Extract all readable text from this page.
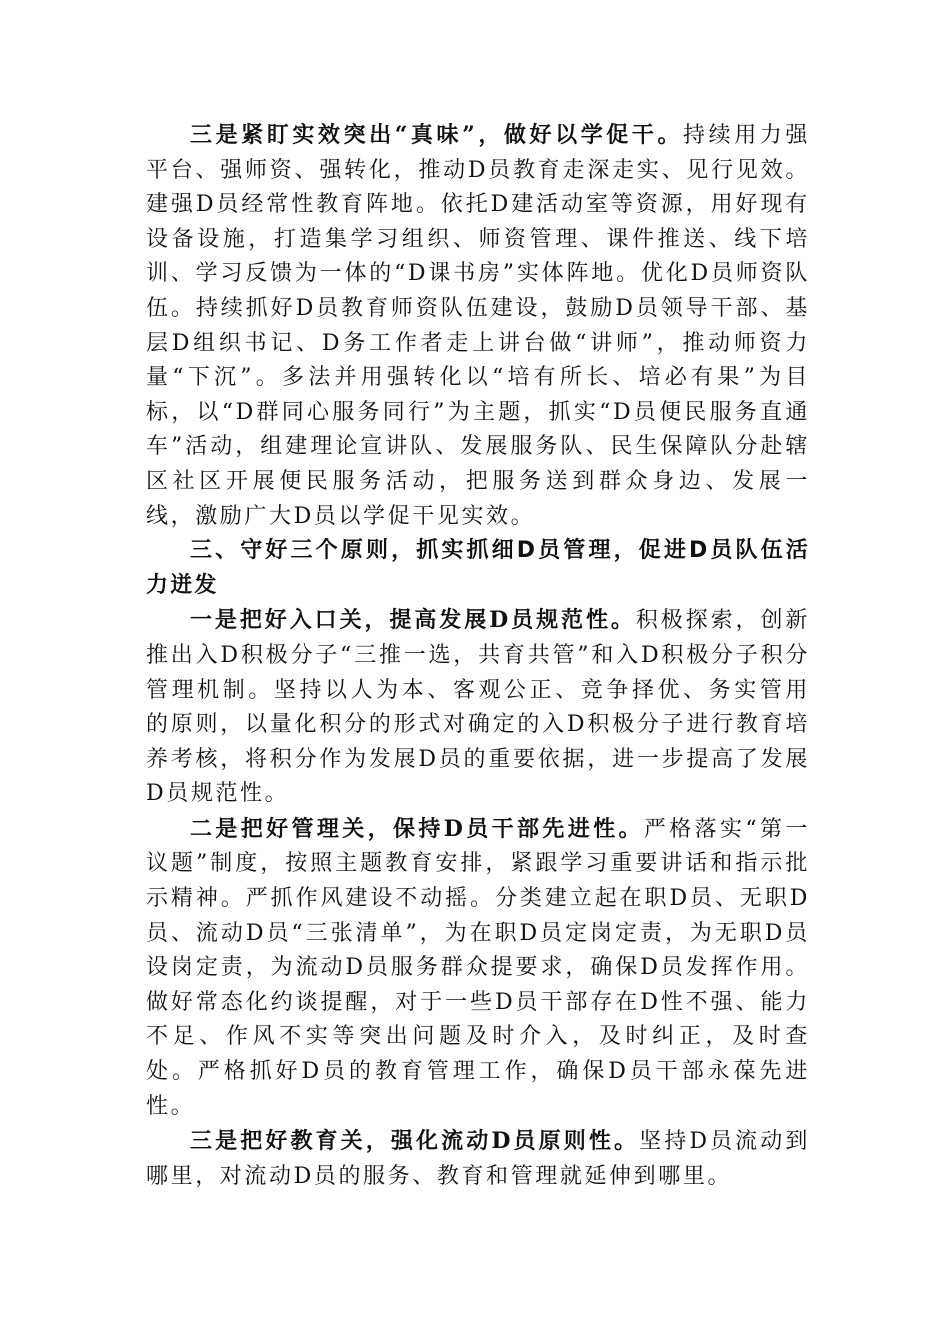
三是紧盯实效突出“真味”，做好以学促干。持续用力强平台、强师资、强转化，推动D员教育走深走实、见行见效。建强D员经常性教育阵地。依托D建活动室等资源，用好现有设备设施，打造集学习组织、师资管理、课件推送、线下培训、学习反馈为一体的“D课书房”实体阵地。优化D员师资队伍。持续抓好D员教育师资队伍建设，鼓励D员领导干部、基层D组织书记、D务工作者走上讲台做“讲师”，推动师资力量“下沉”。多法并用强转化以“培有所长、培必有果”为目标，以“D群同心服务同行”为主题，抓实“D员便民服务直通车”活动，组建理论宣讲队、发展服务队、民生保障队分赴辖区社区开展便民服务活动，把服务送到群众身边、发展一线，激励广大D员以学促干见实效。

三、守好三个原则，抓实抓细D员管理，促进D员队伍活力迸发

一是把好入口关，提高发展D员规范性。积极探索，创新推出入D积极分子“三推一选，共育共管”和入D积极分子积分管理机制。坚持以人为本、客观公正、竞争择优、务实管用的原则，以量化积分的形式对确定的入D积极分子进行教育培养考核，将积分作为发展D员的重要依据，进一步提高了发展D员规范性。

二是把好管理关，保持D员干部先进性。严格落实“第一议题”制度，按照主题教育安排，紧跟学习重要讲话和指示批示精神。严抓作风建设不动摇。分类建立起在职D员、无职D员、流动D员“三张清单”，为在职D员定岗定责，为无职D员设岗定责，为流动D员服务群众提要求，确保D员发挥作用。做好常态化约谈提醒，对于一些D员干部存在D性不强、能力不足、作风不实等突出问题及时介入，及时纠正，及时查处。严格抓好D员的教育管理工作，确保D员干部永葆先进性。

三是把好教育关，强化流动D员原则性。坚持D员流动到哪里，对流动D员的服务、教育和管理就延伸到哪里。
